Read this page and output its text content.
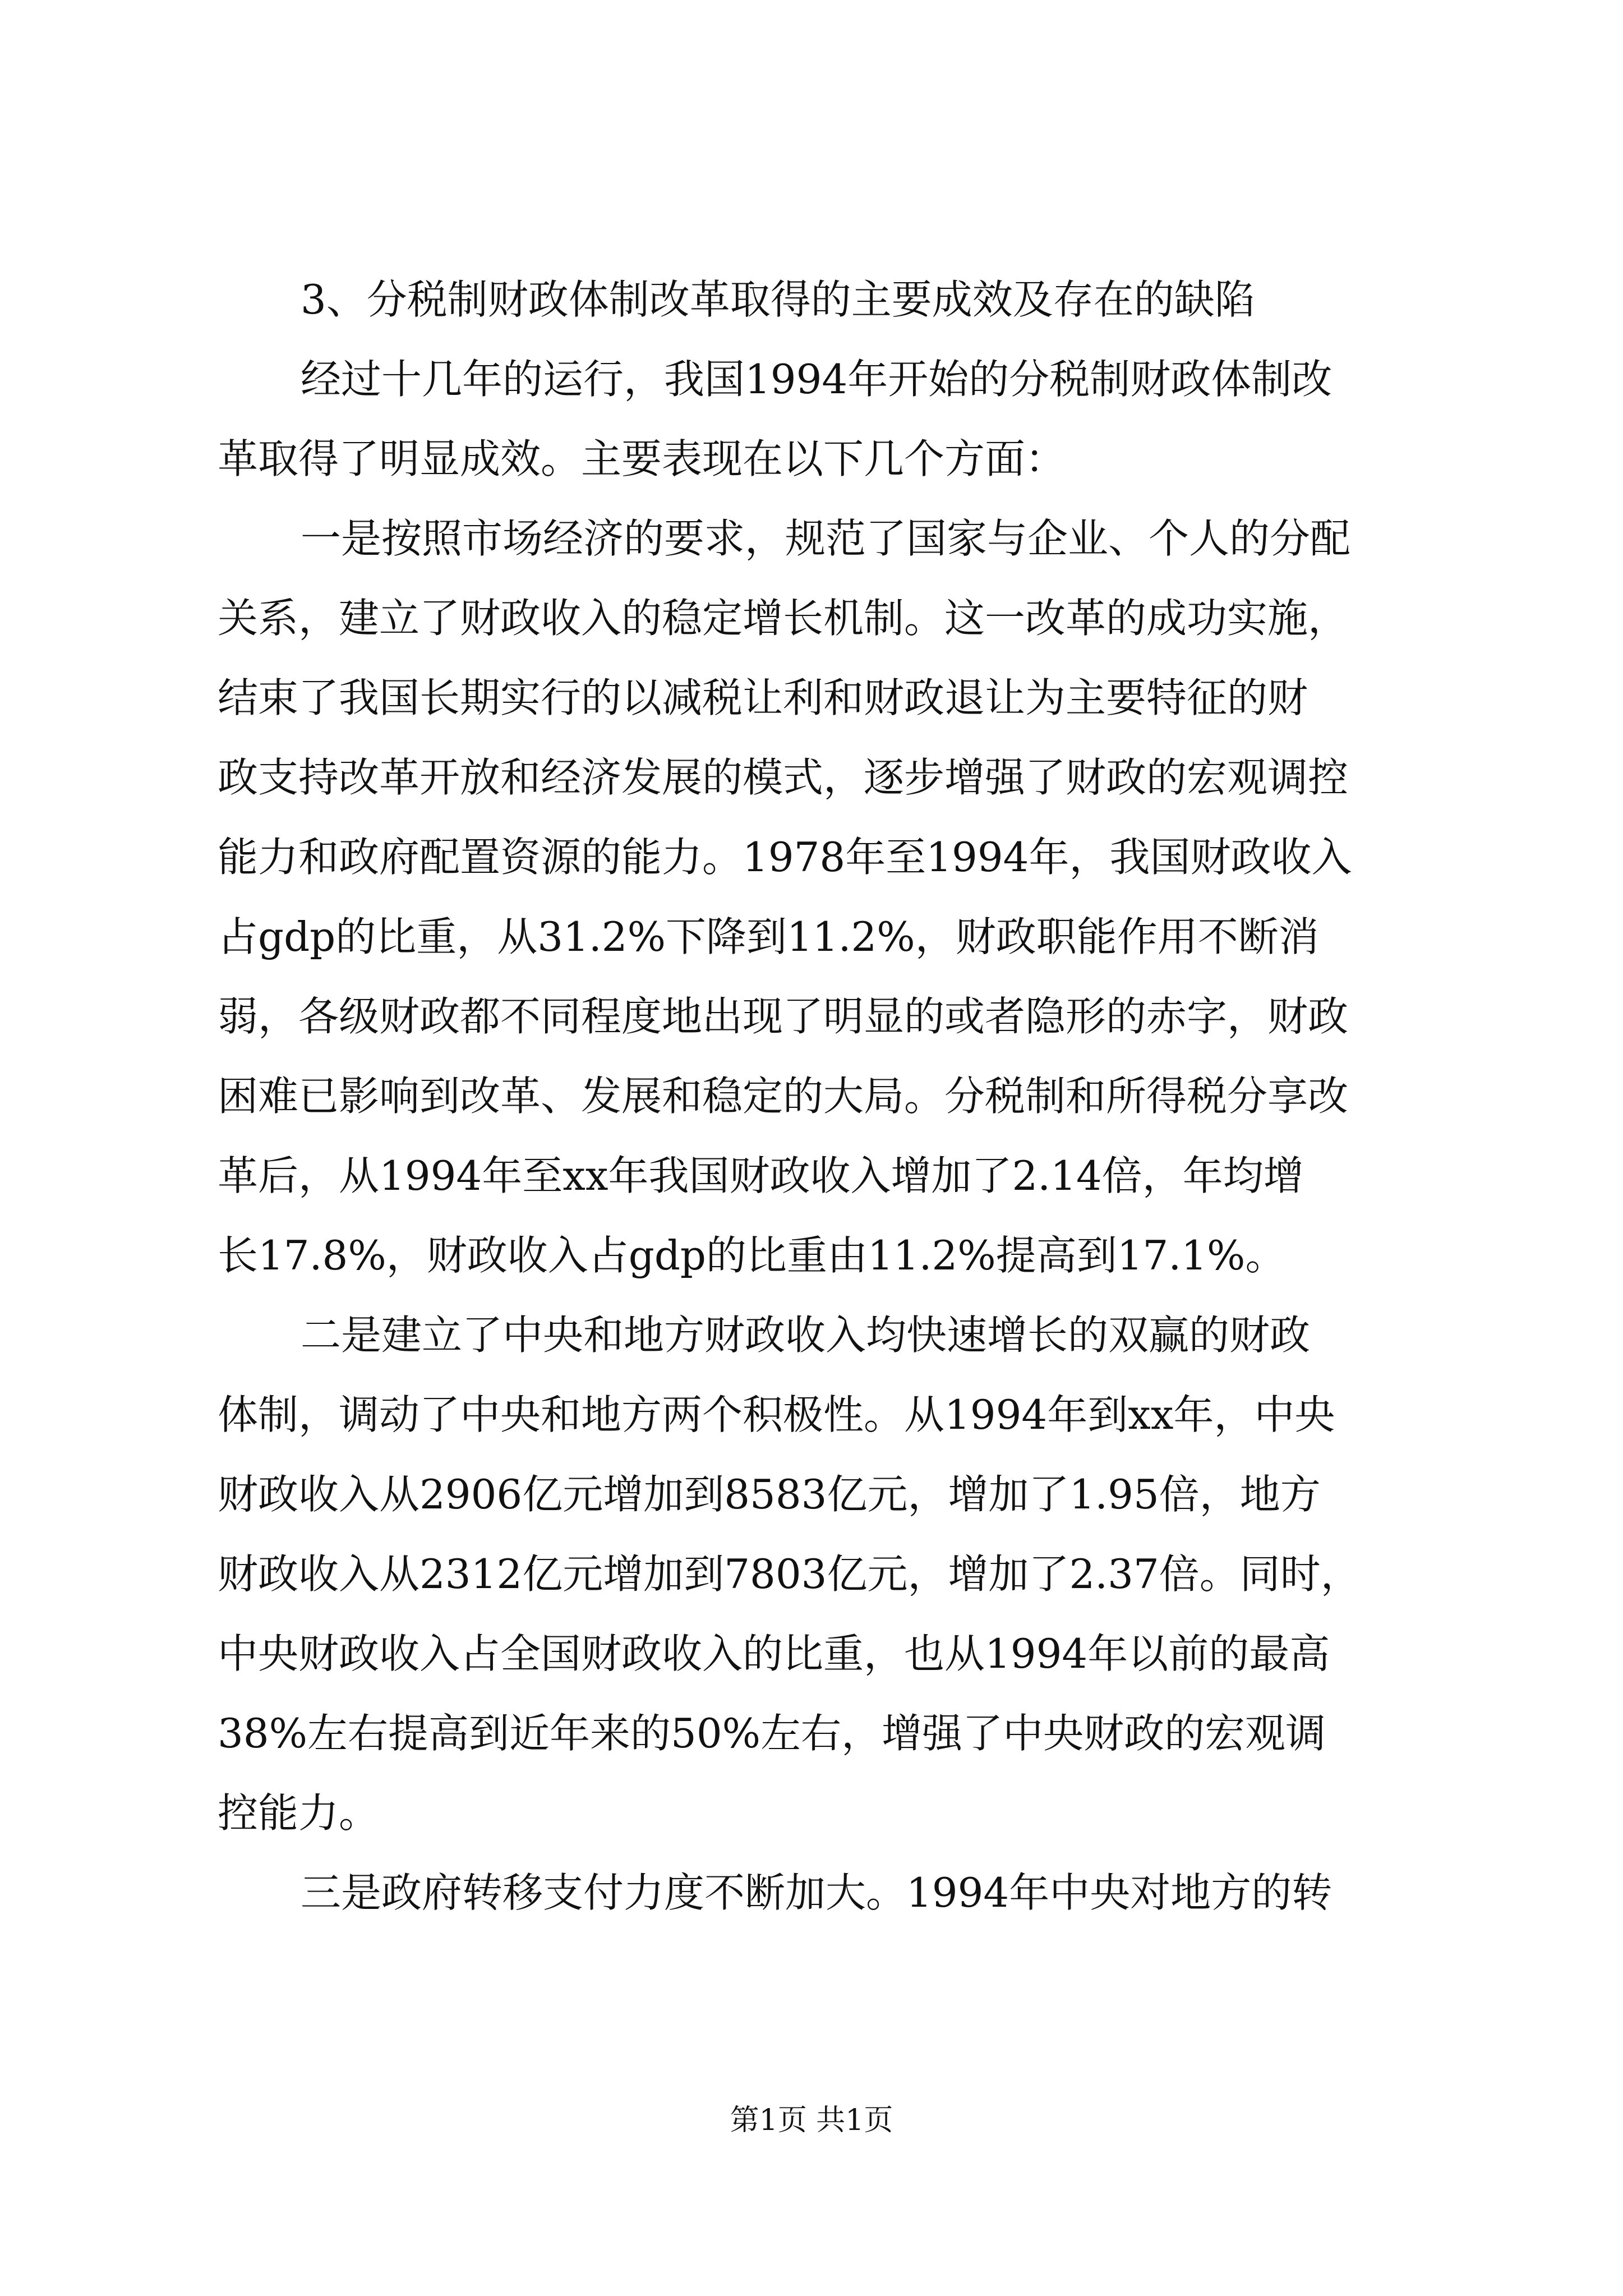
3、分税制财政体制改革取得的主要成效及存在的缺陷
经过十几年的运行，我国1994年开始的分税制财政体制改
革取得了明显成效。主要表现在以下几个方面：
一是按照市场经济的要求，规范了国家与企业、个人的分配
关系，建立了财政收入的稳定增长机制。这一改革的成功实施，
结束了我国长期实行的以减税让利和财政退让为主要特征的财
政支持改革开放和经济发展的模式，逐步增强了财政的宏观调控
能力和政府配置资源的能力。1978年至1994年，我国财政收入
占gdp的比重，从31.2%下降到11.2%，财政职能作用不断消
弱，各级财政都不同程度地出现了明显的或者隐形的赤字，财政
困难已影响到改革、发展和稳定的大局。分税制和所得税分享改
革后，从1994年至xx年我国财政收入增加了2.14倍，年均增
长17.8%，财政收入占gdp的比重由11.2%提高到17.1%。
二是建立了中央和地方财政收入均快速增长的双赢的财政
体制，调动了中央和地方两个积极性。从1994年到xx年，中央
财政收入从2906亿元增加到8583亿元，增加了1.95倍，地方
财政收入从2312亿元增加到7803亿元，增加了2.37倍。同时，
中央财政收入占全国财政收入的比重，也从1994年以前的最高
38%左右提高到近年来的50%左右，增强了中央财政的宏观调
控能力。
三是政府转移支付力度不断加大。1994年中央对地方的转
第1页 共1页
